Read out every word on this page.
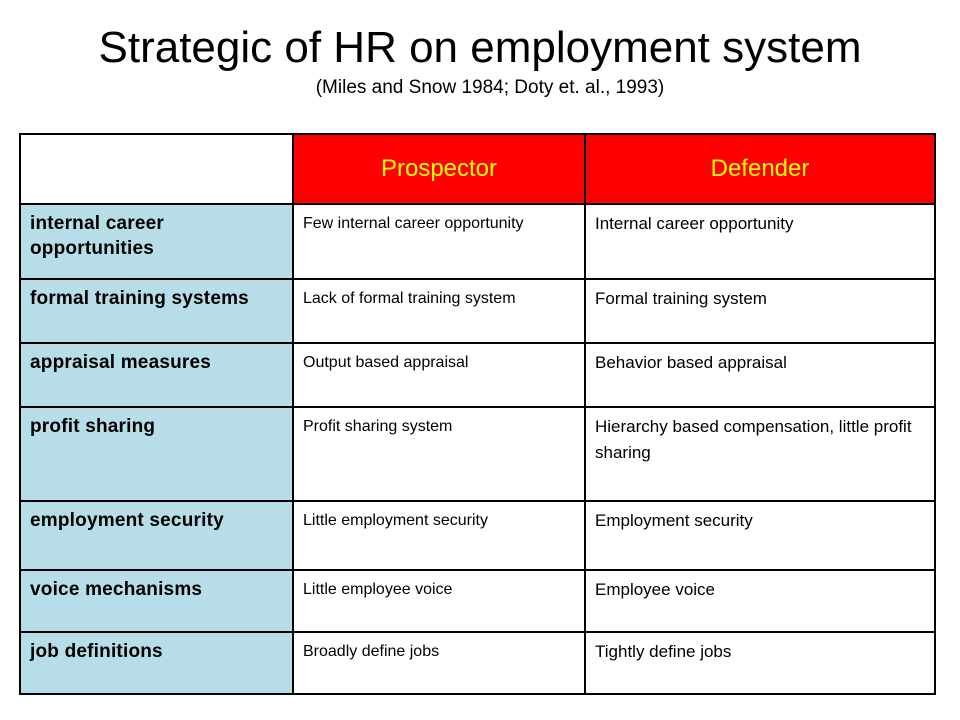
Strategic of HR on employment system
(Miles and Snow 1984; Doty et. al., 1993)
	Prospector	Defender
internal career opportunities	Few internal career opportunity	Internal career opportunity
formal training systems	Lack of formal training system	Formal training system
appraisal measures	Output based appraisal	Behavior based appraisal
profit sharing	Profit sharing system	Hierarchy based compensation, little profit sharing
employment security	Little employment security	Employment security
voice mechanisms	Little employee voice	Employee voice
job definitions	Broadly define jobs	Tightly define jobs
